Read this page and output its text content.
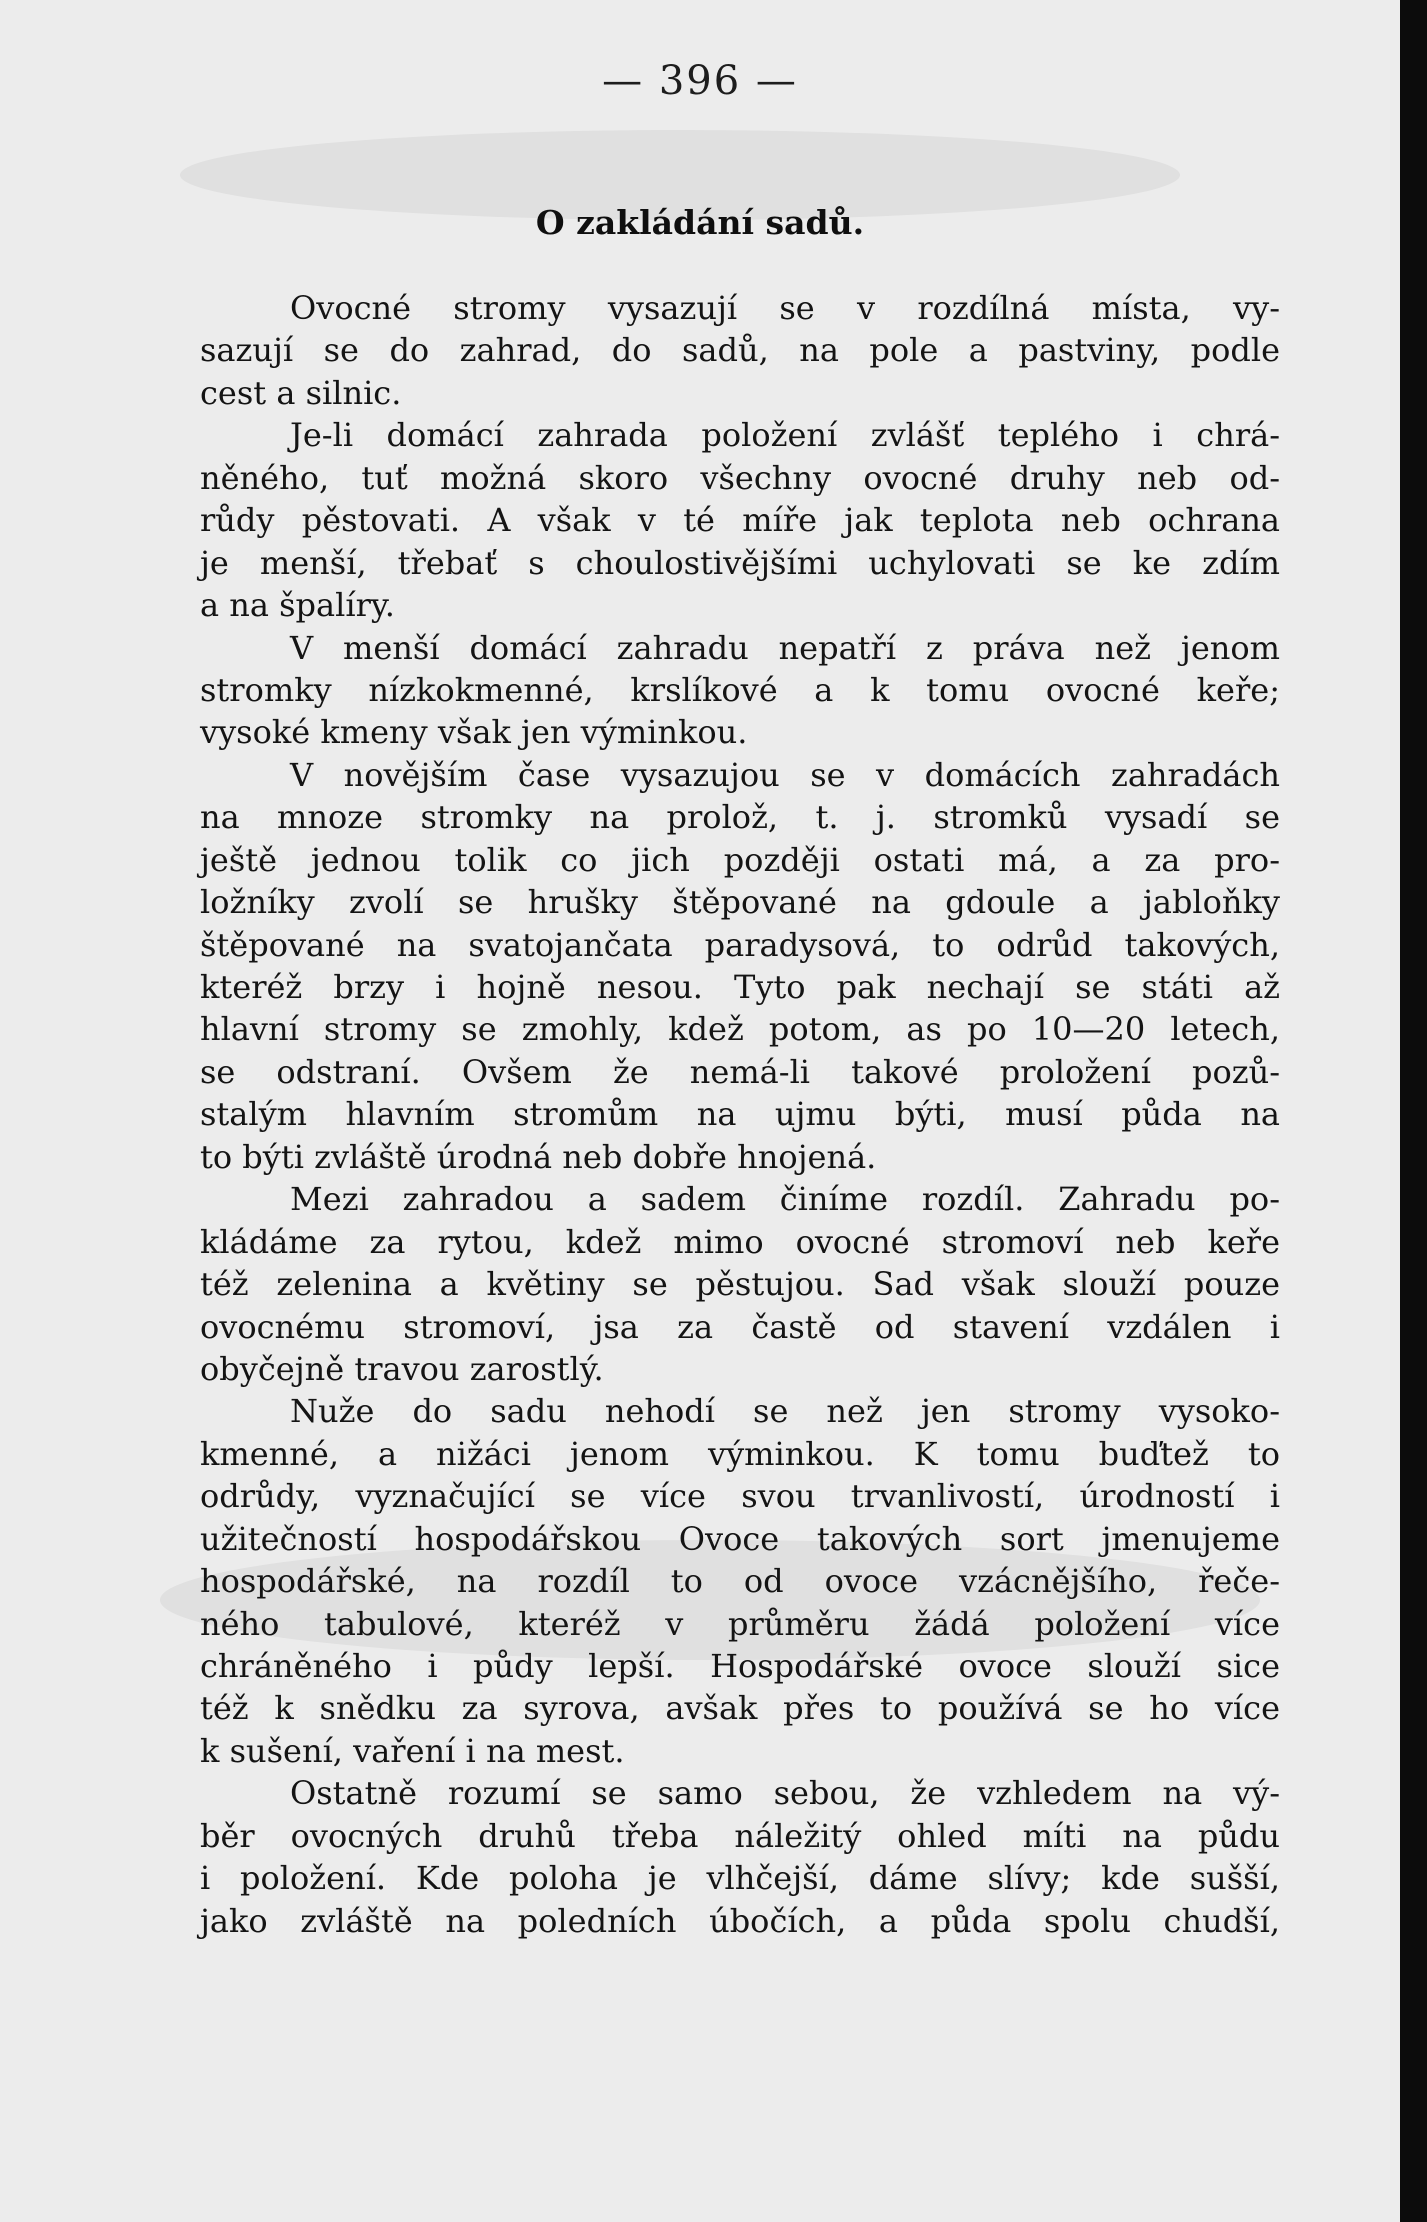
— 396 —
O zakládání sadů.
Ovocné stromy vysazují se v rozdílná místa, vy-
sazují se do zahrad, do sadů, na pole a pastviny, podle
cest a silnic.
Je-li domácí zahrada položení zvlášť teplého i chrá-
něného, tuť možná skoro všechny ovocné druhy neb od-
růdy pěstovati. A však v té míře jak teplota neb ochrana
je menší, třebať s choulostivějšími uchylovati se ke zdím
a na špalíry.
V menší domácí zahradu nepatří z práva než jenom
stromky nízkokmenné, krslíkové a k tomu ovocné keře;
vysoké kmeny však jen výminkou.
V novějším čase vysazujou se v domácích zahradách
na mnoze stromky na prolož, t. j. stromků vysadí se
ještě jednou tolik co jich později ostati má, a za pro-
ložníky zvolí se hrušky štěpované na gdoule a jabloňky
štěpované na svatojančata paradysová, to odrůd takových,
kteréž brzy i hojně nesou. Tyto pak nechají se státi až
hlavní stromy se zmohly, kdež potom, as po 10—20 letech,
se odstraní. Ovšem že nemá-li takové proložení pozů-
stalým hlavním stromům na ujmu býti, musí půda na
to býti zvláště úrodná neb dobře hnojená.
Mezi zahradou a sadem činíme rozdíl. Zahradu po-
kládáme za rytou, kdež mimo ovocné stromoví neb keře
též zelenina a květiny se pěstujou. Sad však slouží pouze
ovocnému stromoví, jsa za častě od stavení vzdálen i
obyčejně travou zarostlý.
Nuže do sadu nehodí se než jen stromy vysoko-
kmenné, a nižáci jenom výminkou. K tomu buďtež to
odrůdy, vyznačující se více svou trvanlivostí, úrodností i
užitečností hospodářskou Ovoce takových sort jmenujeme
hospodářské, na rozdíl to od ovoce vzácnějšího, řeče-
ného tabulové, kteréž v průměru žádá položení více
chráněného i půdy lepší. Hospodářské ovoce slouží sice
též k snědku za syrova, avšak přes to používá se ho více
k sušení, vaření i na mest.
Ostatně rozumí se samo sebou, že vzhledem na vý-
běr ovocných druhů třeba náležitý ohled míti na půdu
i položení. Kde poloha je vlhčejší, dáme slívy; kde sušší,
jako zvláště na poledních úbočích, a půda spolu chudší,
